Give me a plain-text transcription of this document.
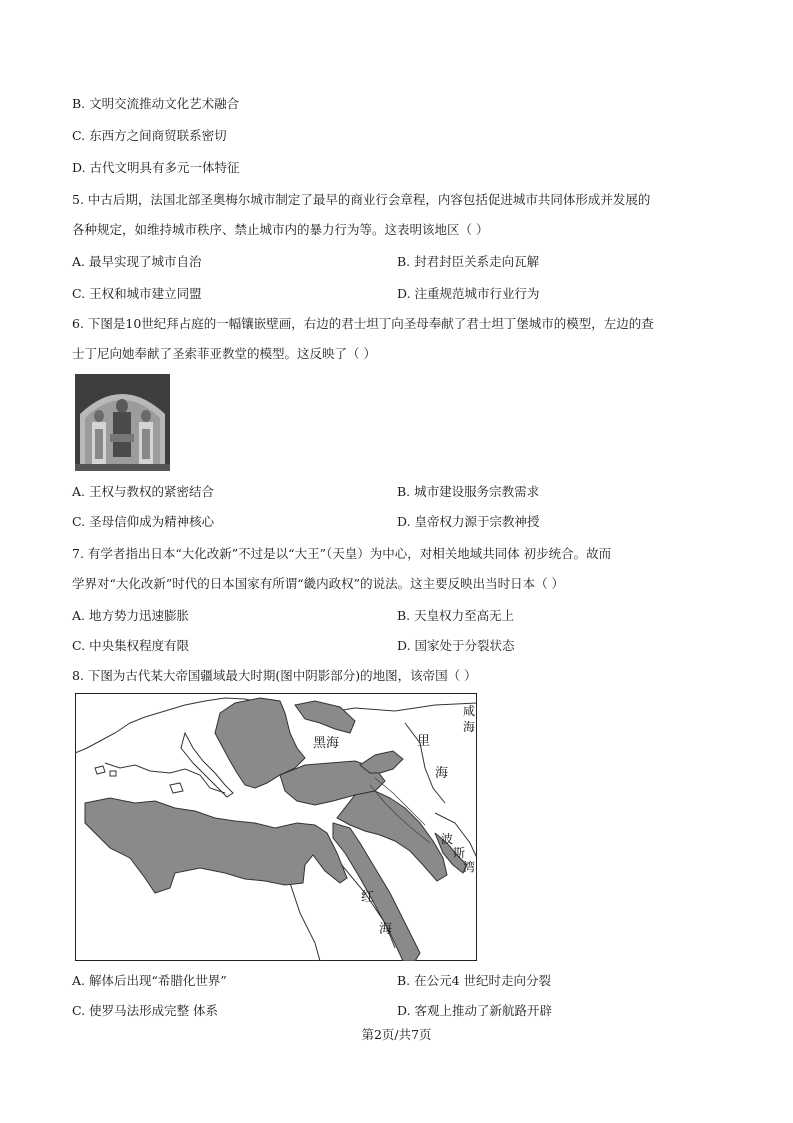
B. 文明交流推动文化艺术融合
C. 东西方之间商贸联系密切
D. 古代文明具有多元一体特征
5. 中古后期，法国北部圣奥梅尔城市制定了最早的商业行会章程，内容包括促进城市共同体形成并发展的
各种规定，如维持城市秩序、禁止城市内的暴力行为等。这表明该地区（ ）
A. 最早实现了城市自治	B. 封君封臣关系走向瓦解
C. 王权和城市建立同盟	D. 注重规范城市行业行为
6. 下图是10世纪拜占庭的一幅镶嵌壁画，右边的君士坦丁向圣母奉献了君士坦丁堡城市的模型，左边的查
士丁尼向她奉献了圣索菲亚教堂的模型。这反映了（ ）
A. 王权与教权的紧密结合	B. 城市建设服务宗教需求
C. 圣母信仰成为精神核心	D. 皇帝权力源于宗教神授
7. 有学者指出日本“大化改新”不过是以“大王”（天皇）为中心，对相关地域共同体 初步统合。故而
学界对“大化改新”时代的日本国家有所谓“畿内政权”的说法。这主要反映出当时日本（ ）
A. 地方势力迅速膨胀	B. 天皇权力至高无上
C. 中央集权程度有限	D. 国家处于分裂状态
8. 下图为古代某大帝国疆域最大时期(图中阴影部分)的地图，该帝国（ ）
黑海	里
海
咸
海
波
斯
湾
红
海
A. 解体后出现“希腊化世界”	B. 在公元4 世纪时走向分裂
C. 使罗马法形成完整 体系	D. 客观上推动了新航路开辟
第2页/共7页
